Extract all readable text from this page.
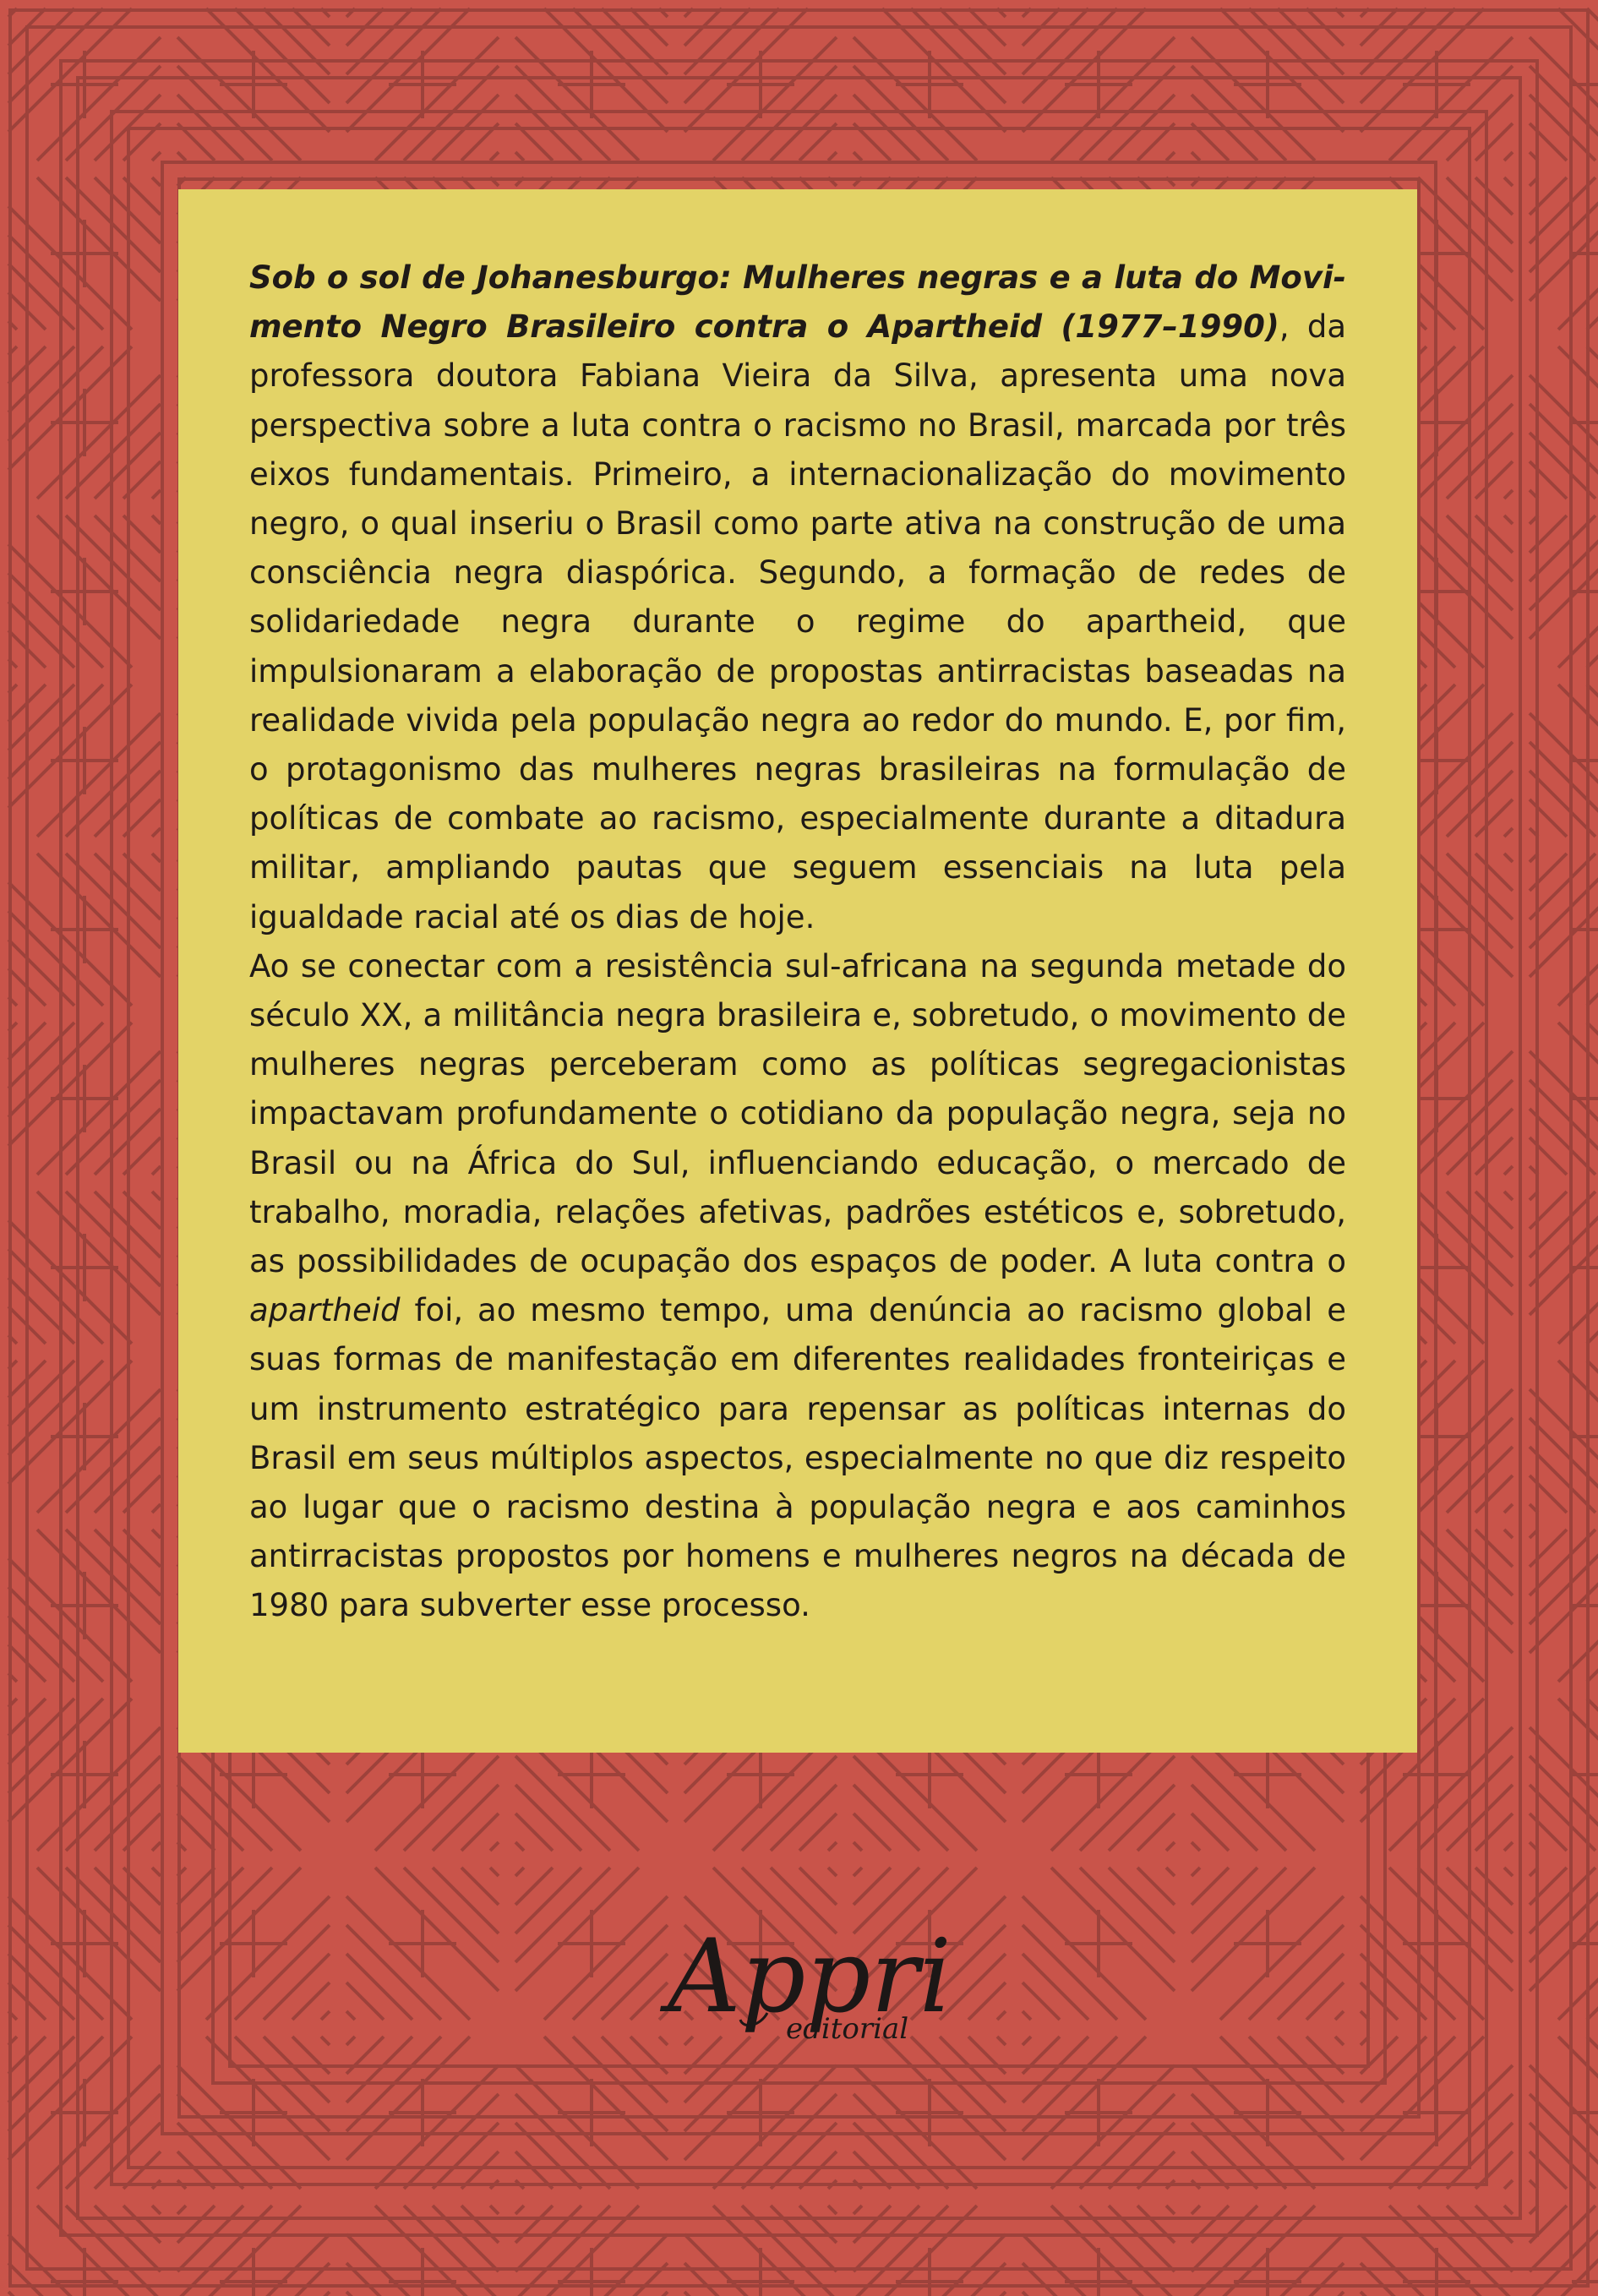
Sob o sol de Johanesburgo: Mulheres negras e a luta do Movimento Negro Brasileiro contra o Apartheid (1977–1990), da professora doutora Fabiana Vieira da Silva, apresenta uma nova perspectiva sobre a luta contra o racismo no Brasil, marcada por três eixos fundamentais. Primeiro, a internacionalização do movimento negro, o qual inseriu o Brasil como parte ativa na construção de uma consciência negra diaspórica. Segundo, a formação de redes de solidariedade negra durante o regime do apartheid, que impulsionaram a elaboração de propostas antirracistas baseadas na realidade vivida pela população negra ao redor do mundo. E, por fim, o protagonismo das mulheres negras brasileiras na formulação de políticas de combate ao racismo, especialmente durante a ditadura militar, ampliando pautas que seguem essenciais na luta pela igualdade racial até os dias de hoje.

Ao se conectar com a resistência sul-africana na segunda metade do século XX, a militância negra brasileira e, sobretudo, o movimento de mulheres negras perceberam como as políticas segregacionistas impactavam profundamente o cotidiano da população negra, seja no Brasil ou na África do Sul, influenciando educação, o mercado de trabalho, moradia, relações afetivas, padrões estéticos e, sobretudo, as possibilidades de ocupação dos espaços de poder. A luta contra o apartheid foi, ao mesmo tempo, uma denúncia ao racismo global e suas formas de manifestação em diferentes realidades fronteiriças e um instrumento estratégico para repensar as políticas internas do Brasil em seus múltiplos aspectos, especialmente no que diz respeito ao lugar que o racismo destina à população negra e aos caminhos antirracistas propostos por homens e mulheres negros na década de 1980 para subverter esse processo.

Appr
editorial
